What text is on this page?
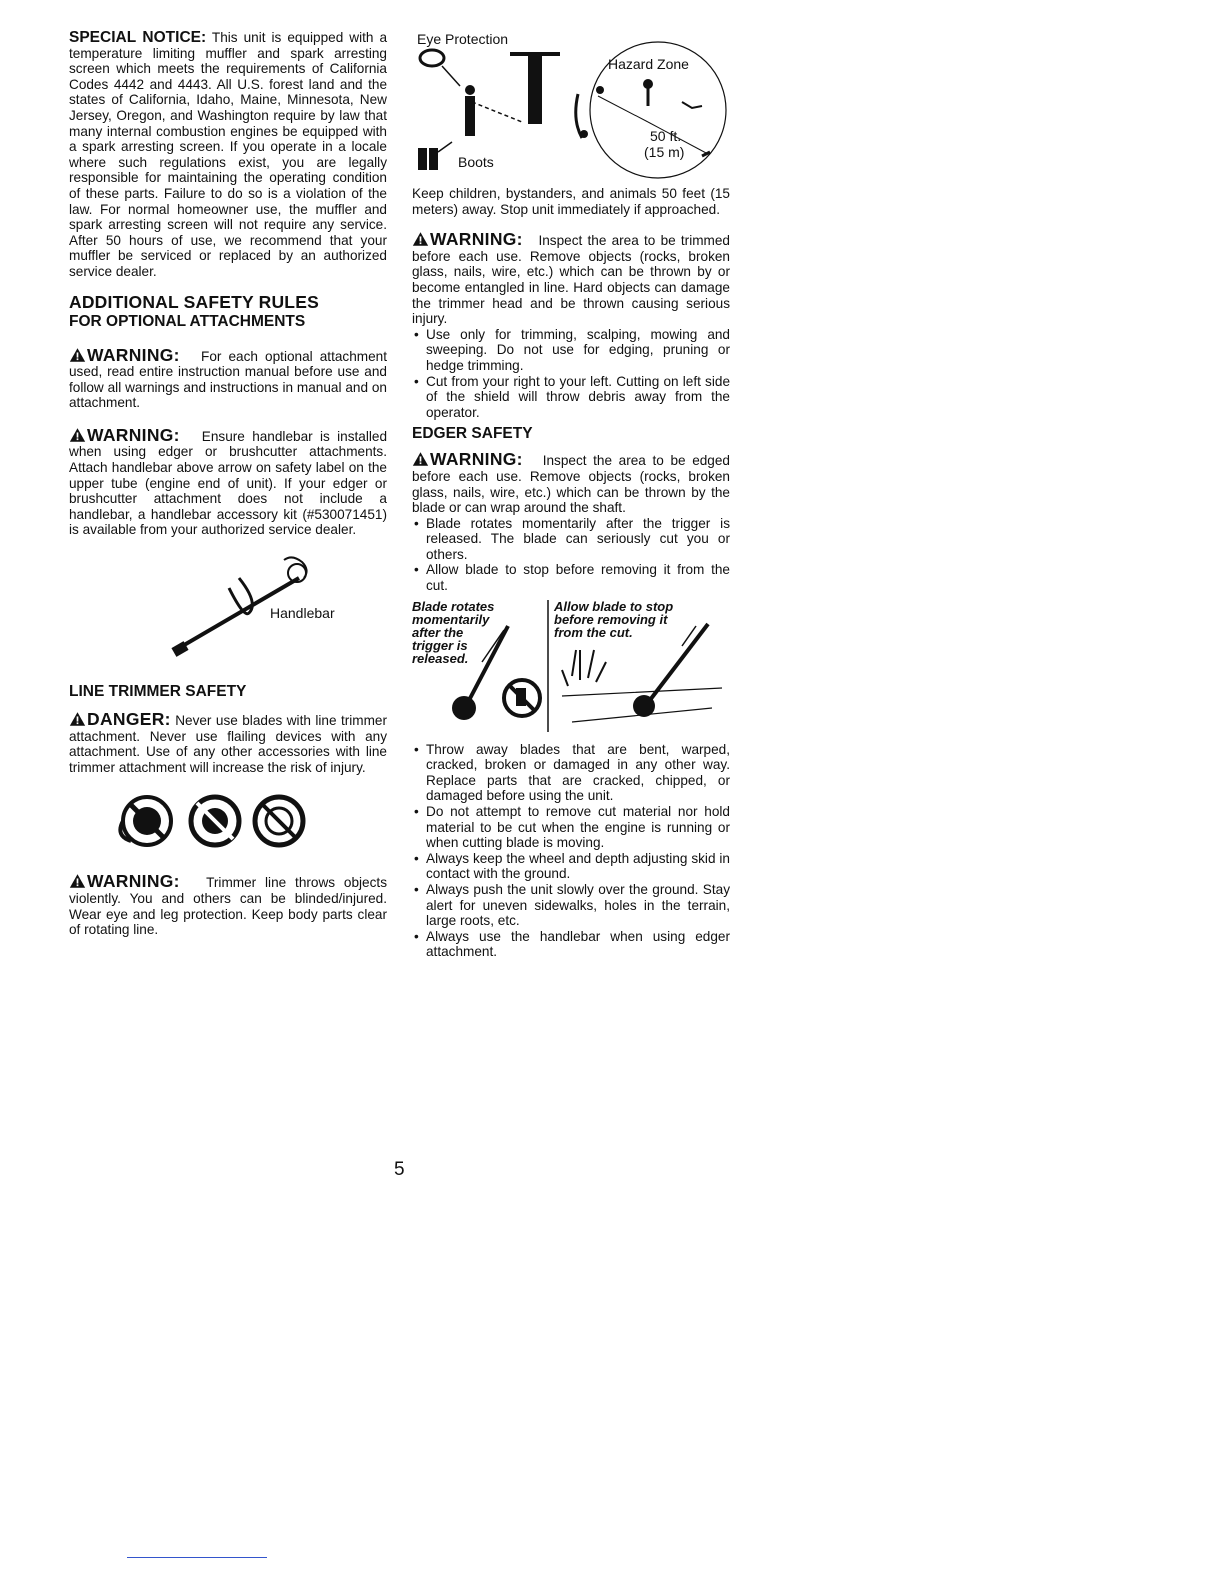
SPECIAL NOTICE: This unit is equipped with a temperature limiting muffler and spark arresting screen which meets the requirements of California Codes 4442 and 4443. All U.S. forest land and the states of California, Idaho, Maine, Minnesota, New Jersey, Oregon, and Washington require by law that many internal combustion engines be equipped with a spark arresting screen. If you operate in a locale where such regulations exist, you are legally responsible for maintaining the operating condition of these parts. Failure to do so is a violation of the law. For normal homeowner use, the muffler and spark arresting screen will not require any service. After 50 hours of use, we recommend that your muffler be serviced or replaced by an authorized service dealer.

ADDITIONAL SAFETY RULES
FOR OPTIONAL ATTACHMENTS

WARNING: For each optional attachment used, read entire instruction manual before use and follow all warnings and instructions in manual and on attachment.

WARNING: Ensure handlebar is installed when using edger or brushcutter attachments. Attach handlebar above arrow on safety label on the upper tube (engine end of unit). If your edger or brushcutter attachment does not include a handlebar, a handlebar accessory kit (#530071451) is available from your authorized service dealer.

Handlebar
LINE TRIMMER SAFETY

DANGER: Never use blades with line trimmer attachment. Never use flailing devices with any attachment. Use of any other accessories with line trimmer attachment will increase the risk of injury.

WARNING: Trimmer line throws objects violently. You and others can be blinded/injured. Wear eye and leg protection. Keep body parts clear of rotating line.

Eye Protection
Hazard Zone
50 ft.
(15 m)
Boots

Keep children, bystanders, and animals 50 feet (15 meters) away. Stop unit immediately if approached.

WARNING: Inspect the area to be trimmed before each use. Remove objects (rocks, broken glass, nails, wire, etc.) which can be thrown by or become entangled in line. Hard objects can damage the trimmer head and be thrown causing serious injury.

• Use only for trimming, scalping, mowing and sweeping. Do not use for edging, pruning or hedge trimming.
• Cut from your right to your left. Cutting on left side of the shield will throw debris away from the operator.
EDGER SAFETY

WARNING: Inspect the area to be edged before each use. Remove objects (rocks, broken glass, nails, wire, etc.) which can be thrown by the blade or can wrap around the shaft.

• Blade rotates momentarily after the trigger is released. The blade can seriously cut you or others.
• Allow blade to stop before removing it from the cut.
Blade rotates
momentarily
after the
trigger is
released.
Allow blade to stop
before removing it
from the cut.
• Throw away blades that are bent, warped, cracked, broken or damaged in any other way. Replace parts that are cracked, chipped, or damaged before using the unit.
• Do not attempt to remove cut material nor hold material to be cut when the engine is running or when cutting blade is moving.
• Always keep the wheel and depth adjusting skid in contact with the ground.
• Always push the unit slowly over the ground. Stay alert for uneven sidewalks, holes in the terrain, large roots, etc.
• Always use the handlebar when using edger attachment.
5
